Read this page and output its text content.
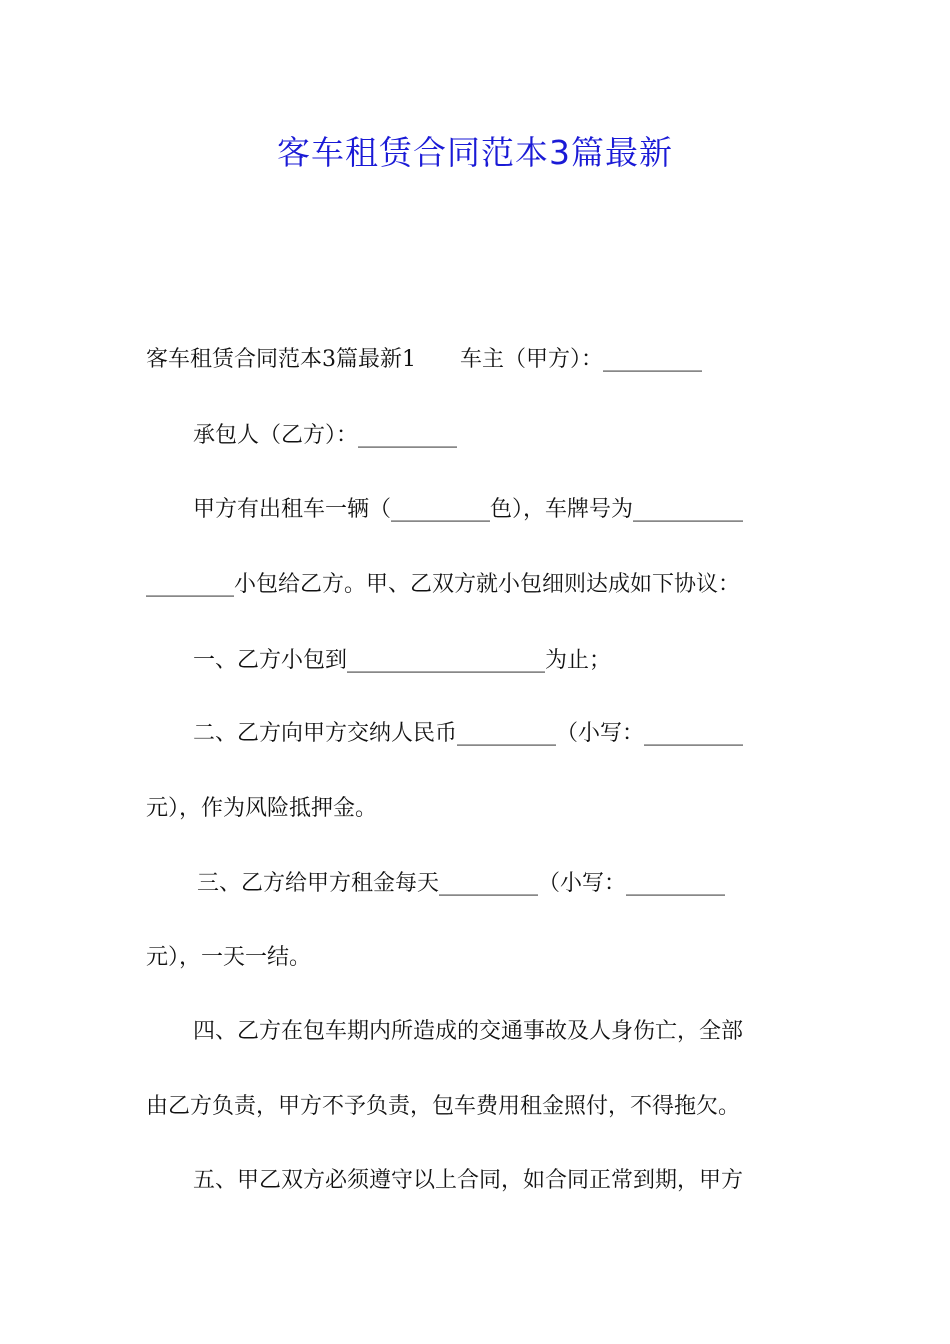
客车租赁合同范本3篇最新
客车租赁合同范本3篇最新1　　车主（甲方）：_________
承包人（乙方）：_________
甲方有出租车一辆（_________色），车牌号为__________
________小包给乙方。甲、乙双方就小包细则达成如下协议：
一、乙方小包到__________________为止；
二、乙方向甲方交纳人民币_________（小写：_________
元），作为风险抵押金。
三、乙方给甲方租金每天_________（小写：_________
元），一天一结。
四、乙方在包车期内所造成的交通事故及人身伤亡，全部
由乙方负责，甲方不予负责，包车费用租金照付，不得拖欠。
五、甲乙双方必须遵守以上合同，如合同正常到期，甲方
